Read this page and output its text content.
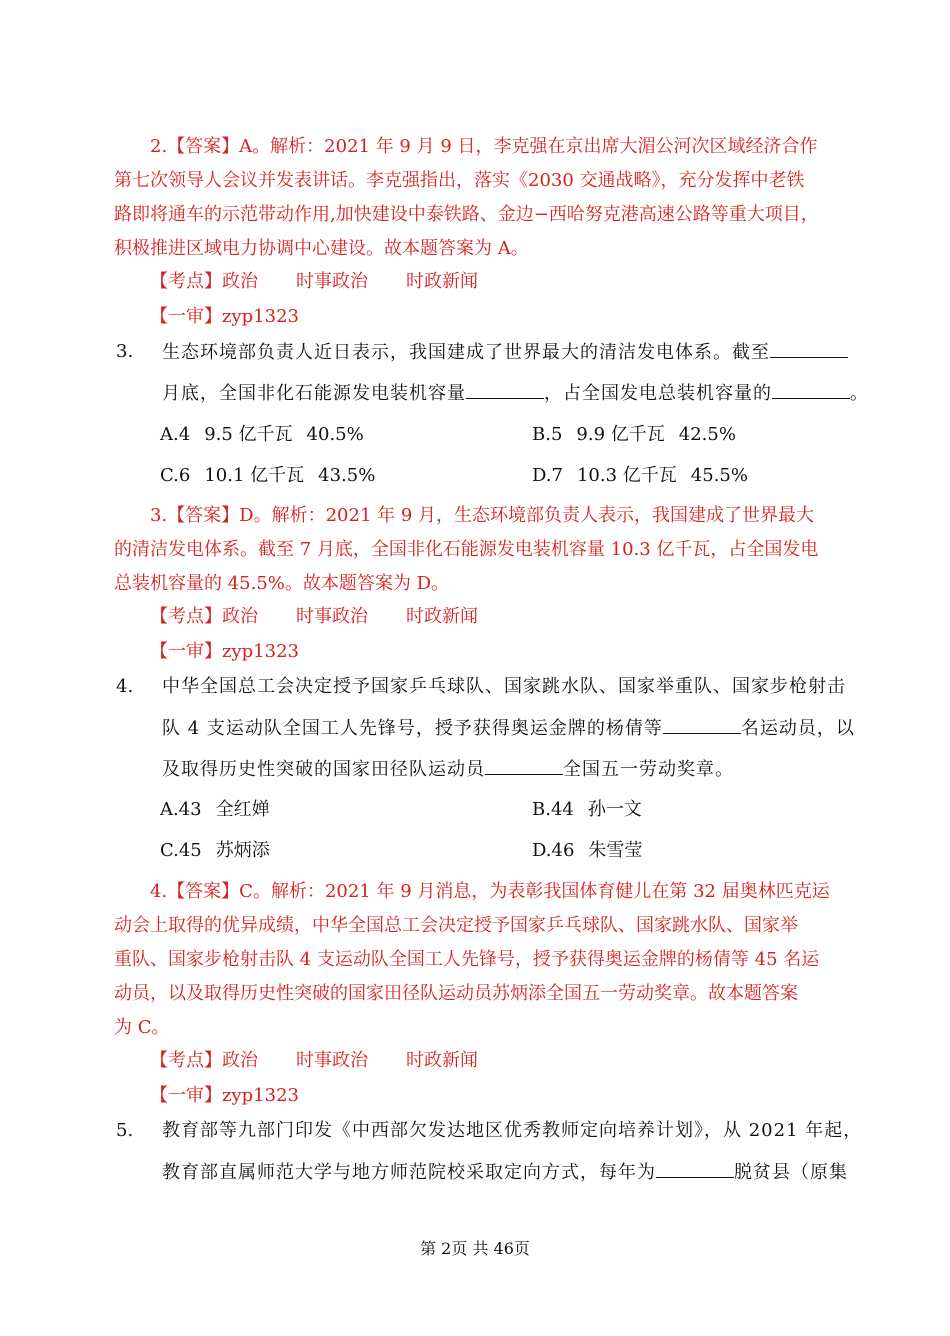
2.【答案】A。解析：2021 年 9 月 9 日，李克强在京出席大湄公河次区域经济合作
第七次领导人会议并发表讲话。李克强指出，落实《2030 交通战略》，充分发挥中老铁
路即将通车的示范带动作用,加快建设中泰铁路、金边−西哈努克港高速公路等重大项目，
积极推进区域电力协调中心建设。故本题答案为 A。
【考点】政治 时事政治 时政新闻
【一审】zyp1323
3. 生态环境部负责人近日表示，我国建成了世界最大的清洁发电体系。截至
月底，全国非化石能源发电装机容量	，占全国发电总装机容量的	。
A.4 9.5 亿千瓦 40.5%	B.5 9.9 亿千瓦 42.5%
C.6 10.1 亿千瓦 43.5%	D.7 10.3 亿千瓦 45.5%
3.【答案】D。解析：2021 年 9 月，生态环境部负责人表示，我国建成了世界最大
的清洁发电体系。截至 7 月底，全国非化石能源发电装机容量 10.3 亿千瓦，占全国发电
总装机容量的 45.5%。故本题答案为 D。
【考点】政治 时事政治 时政新闻
【一审】zyp1323
4. 中华全国总工会决定授予国家乒乓球队、国家跳水队、国家举重队、国家步枪射击
队 4 支运动队全国工人先锋号，授予获得奥运金牌的杨倩等	名运动员，以
及取得历史性突破的国家田径队运动员	全国五一劳动奖章。
A.43 全红婵	B.44 孙一文
C.45 苏炳添	D.46 朱雪莹
4.【答案】C。解析：2021 年 9 月消息，为表彰我国体育健儿在第 32 届奥林匹克运
动会上取得的优异成绩，中华全国总工会决定授予国家乒乓球队、国家跳水队、国家举
重队、国家步枪射击队 4 支运动队全国工人先锋号，授予获得奥运金牌的杨倩等 45 名运
动员，以及取得历史性突破的国家田径队运动员苏炳添全国五一劳动奖章。故本题答案
为 C。
【考点】政治 时事政治 时政新闻
【一审】zyp1323
5. 教育部等九部门印发《中西部欠发达地区优秀教师定向培养计划》，从 2021 年起，
教育部直属师范大学与地方师范院校采取定向方式，每年为	脱贫县（原集
第 2页 共 46页
